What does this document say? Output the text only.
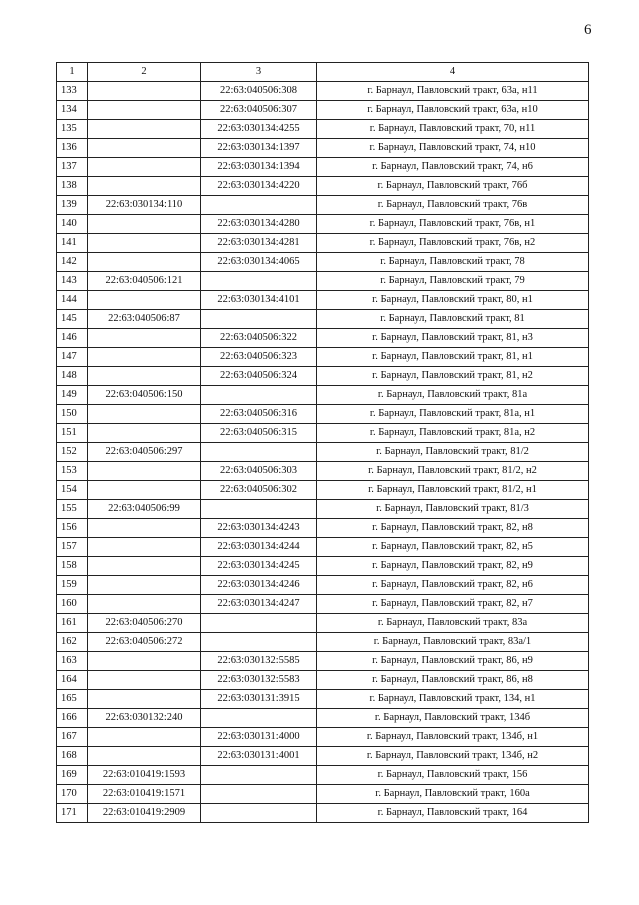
6
1	2	3	4
133		22:63:040506:308	г. Барнаул, Павловский тракт, 63а, н11
134		22:63:040506:307	г. Барнаул, Павловский тракт, 63а, н10
135		22:63:030134:4255	г. Барнаул, Павловский тракт, 70, н11
136		22:63:030134:1397	г. Барнаул, Павловский тракт, 74, н10
137		22:63:030134:1394	г. Барнаул, Павловский тракт, 74, н6
138		22:63:030134:4220	г. Барнаул, Павловский тракт, 76б
139	22:63:030134:110		г. Барнаул, Павловский тракт, 76в
140		22:63:030134:4280	г. Барнаул, Павловский тракт, 76в, н1
141		22:63:030134:4281	г. Барнаул, Павловский тракт, 76в, н2
142		22:63:030134:4065	г. Барнаул, Павловский тракт, 78
143	22:63:040506:121		г. Барнаул, Павловский тракт, 79
144		22:63:030134:4101	г. Барнаул, Павловский тракт, 80, н1
145	22:63:040506:87		г. Барнаул, Павловский тракт, 81
146		22:63:040506:322	г. Барнаул, Павловский тракт, 81, н3
147		22:63:040506:323	г. Барнаул, Павловский тракт, 81, н1
148		22:63:040506:324	г. Барнаул, Павловский тракт, 81, н2
149	22:63:040506:150		г. Барнаул, Павловский тракт, 81а
150		22:63:040506:316	г. Барнаул, Павловский тракт, 81а, н1
151		22:63:040506:315	г. Барнаул, Павловский тракт, 81а, н2
152	22:63:040506:297		г. Барнаул, Павловский тракт, 81/2
153		22:63:040506:303	г. Барнаул, Павловский тракт, 81/2, н2
154		22:63:040506:302	г. Барнаул, Павловский тракт, 81/2, н1
155	22:63:040506:99		г. Барнаул, Павловский тракт, 81/3
156		22:63:030134:4243	г. Барнаул, Павловский тракт, 82, н8
157		22:63:030134:4244	г. Барнаул, Павловский тракт, 82, н5
158		22:63:030134:4245	г. Барнаул, Павловский тракт, 82, н9
159		22:63:030134:4246	г. Барнаул, Павловский тракт, 82, н6
160		22:63:030134:4247	г. Барнаул, Павловский тракт, 82, н7
161	22:63:040506:270		г. Барнаул, Павловский тракт, 83а
162	22:63:040506:272		г. Барнаул, Павловский тракт, 83а/1
163		22:63:030132:5585	г. Барнаул, Павловский тракт, 86, н9
164		22:63:030132:5583	г. Барнаул, Павловский тракт, 86, н8
165		22:63:030131:3915	г. Барнаул, Павловский тракт, 134, н1
166	22:63:030132:240		г. Барнаул, Павловский тракт, 134б
167		22:63:030131:4000	г. Барнаул, Павловский тракт, 134б, н1
168		22:63:030131:4001	г. Барнаул, Павловский тракт, 134б, н2
169	22:63:010419:1593		г. Барнаул, Павловский тракт, 156
170	22:63:010419:1571		г. Барнаул, Павловский тракт, 160а
171	22:63:010419:2909		г. Барнаул, Павловский тракт, 164
